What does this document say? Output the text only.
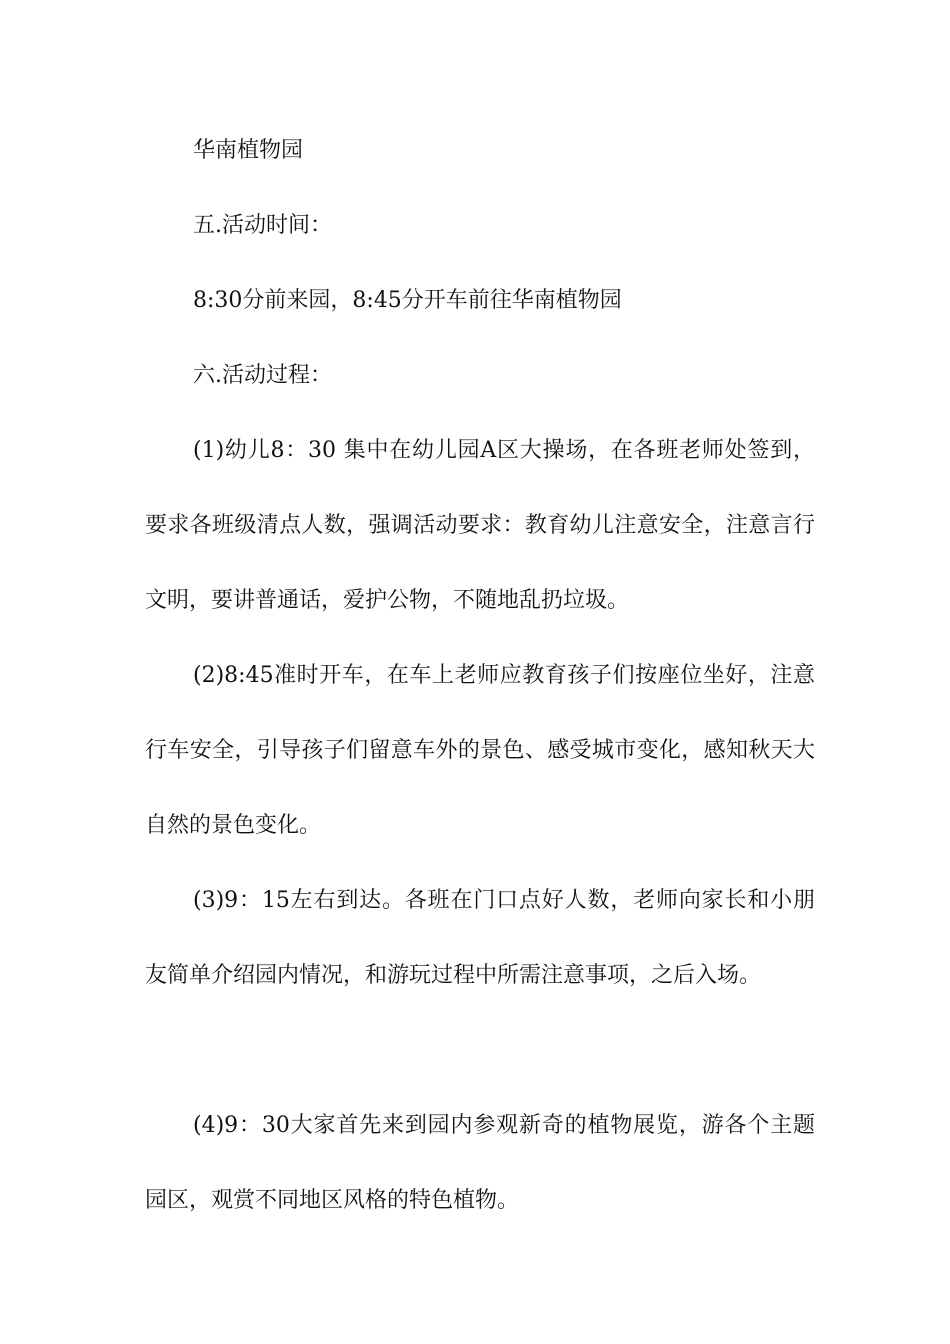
华南植物园

五.活动时间：

8:30分前来园，8:45分开车前往华南植物园

六.活动过程：

(1)幼儿8：30 集中在幼儿园A区大操场，在各班老师处签到，要求各班级清点人数，强调活动要求：教育幼儿注意安全，注意言行文明，要讲普通话，爱护公物，不随地乱扔垃圾。

(2)8:45准时开车，在车上老师应教育孩子们按座位坐好，注意行车安全，引导孩子们留意车外的景色、感受城市变化，感知秋天大自然的景色变化。

(3)9：15左右到达。各班在门口点好人数，老师向家长和小朋友简单介绍园内情况，和游玩过程中所需注意事项，之后入场。

(4)9：30大家首先来到园内参观新奇的植物展览，游各个主题园区，观赏不同地区风格的特色植物。
